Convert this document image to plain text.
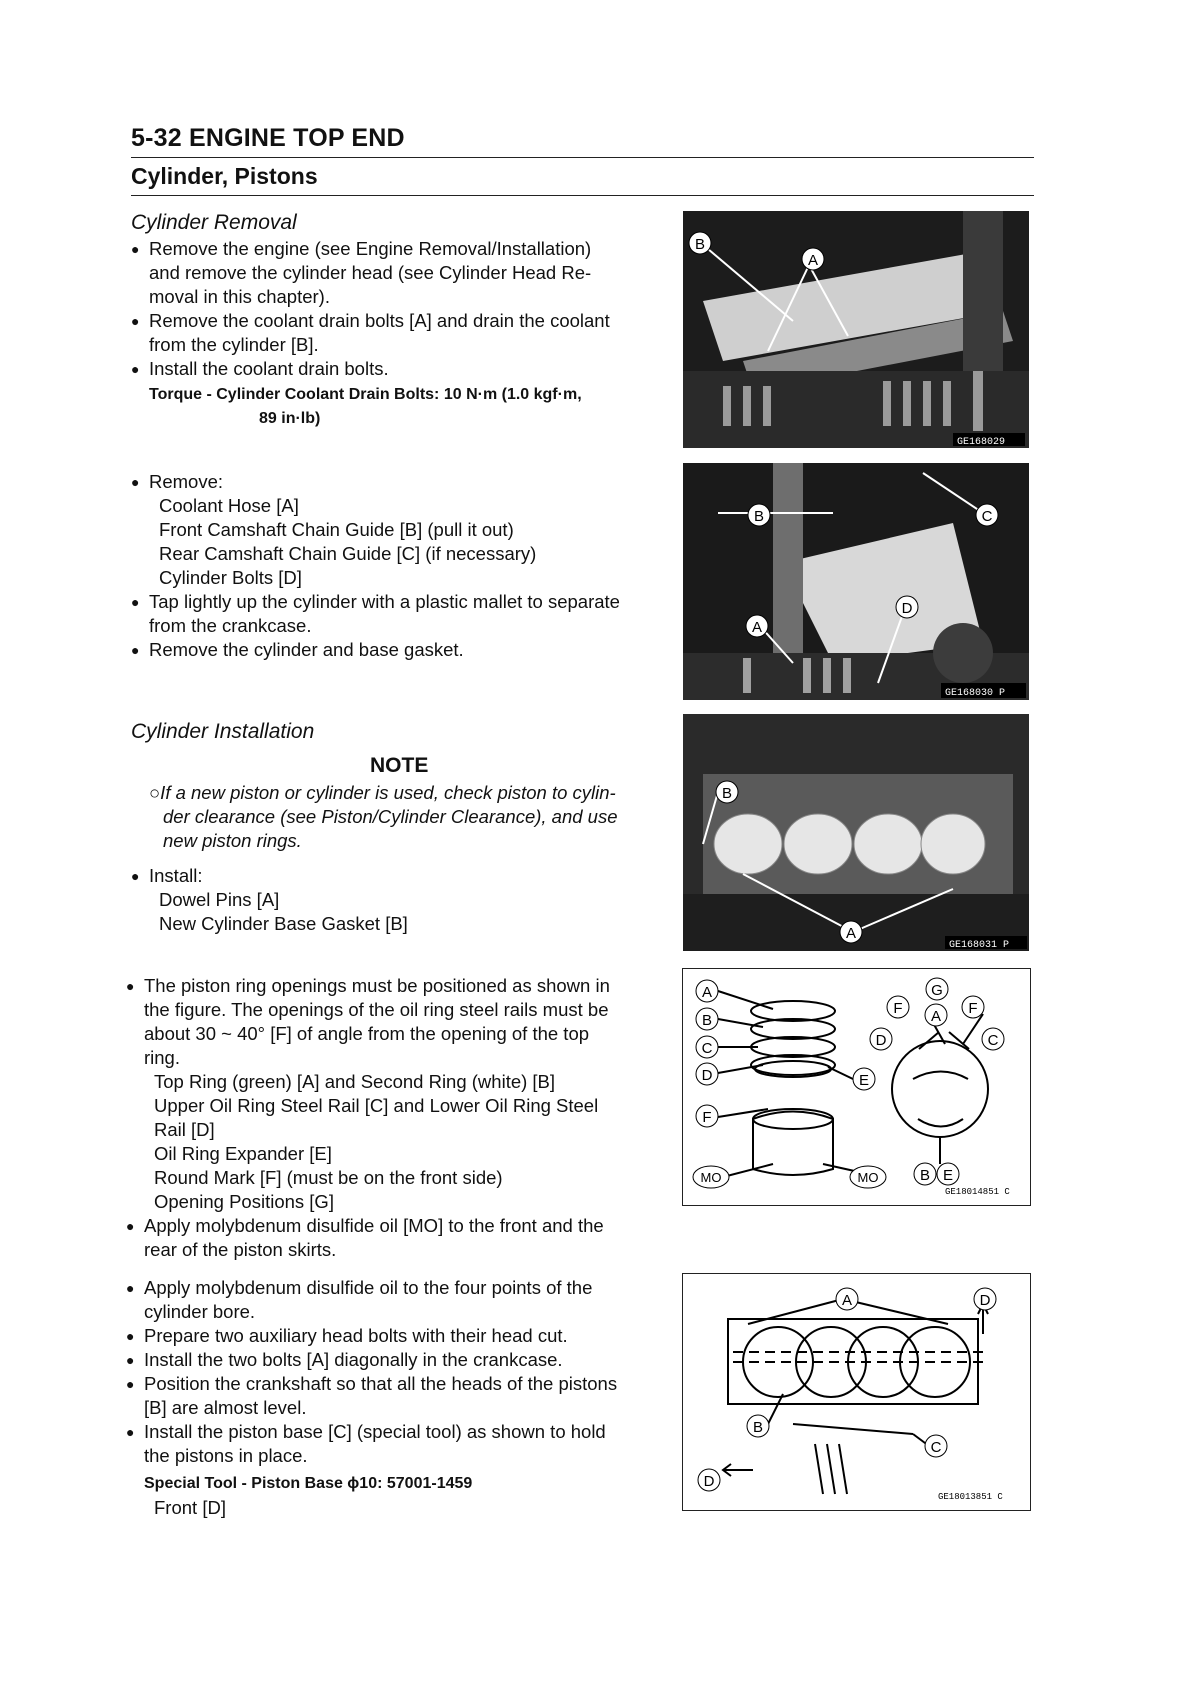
5-32 ENGINE TOP END
Cylinder, Pistons
Cylinder Removal
● Remove the engine (see Engine Removal/Installation)
and remove the cylinder head (see Cylinder Head Re-
moval in this chapter).
● Remove the coolant drain bolts [A] and drain the coolant
from the cylinder [B].
● Install the coolant drain bolts.
Torque - Cylinder Coolant Drain Bolts: 10 N·m (1.0 kgf·m,
89 in·lb)
● Remove:
Coolant Hose [A]
Front Camshaft Chain Guide [B] (pull it out)
Rear Camshaft Chain Guide [C] (if necessary)
Cylinder Bolts [D]
● Tap lightly up the cylinder with a plastic mallet to separate
from the crankcase.
● Remove the cylinder and base gasket.
Cylinder Installation
NOTE
○If a new piston or cylinder is used, check piston to cylin-
der clearance (see Piston/Cylinder Clearance), and use
new piston rings.
● Install:
Dowel Pins [A]
New Cylinder Base Gasket [B]
● The piston ring openings must be positioned as shown in
the figure. The openings of the oil ring steel rails must be
about 30 ~ 40° [F] of angle from the opening of the top
ring.
Top Ring (green) [A] and Second Ring (white) [B]
Upper Oil Ring Steel Rail [C] and Lower Oil Ring Steel
Rail [D]
Oil Ring Expander [E]
Round Mark [F] (must be on the front side)
Opening Positions [G]
● Apply molybdenum disulfide oil [MO] to the front and the
rear of the piston skirts.
● Apply molybdenum disulfide oil to the four points of the
cylinder bore.
● Prepare two auxiliary head bolts with their head cut.
● Install the two bolts [A] diagonally in the crankcase.
● Position the crankshaft so that all the heads of the pistons
[B] are almost level.
● Install the piston base [C] (special tool) as shown to hold
the pistons in place.
Special Tool - Piston Base ϕ10: 57001-1459
Front [D]
B
A
GE168029
B	C
D
A
GE168030 P
B
A
GE168031 P
A
B
C
D	E
F
G
F A F
D	C
B E
MO	MO
GE18014851 C
A	D
B
C
D
GE18013851 C
